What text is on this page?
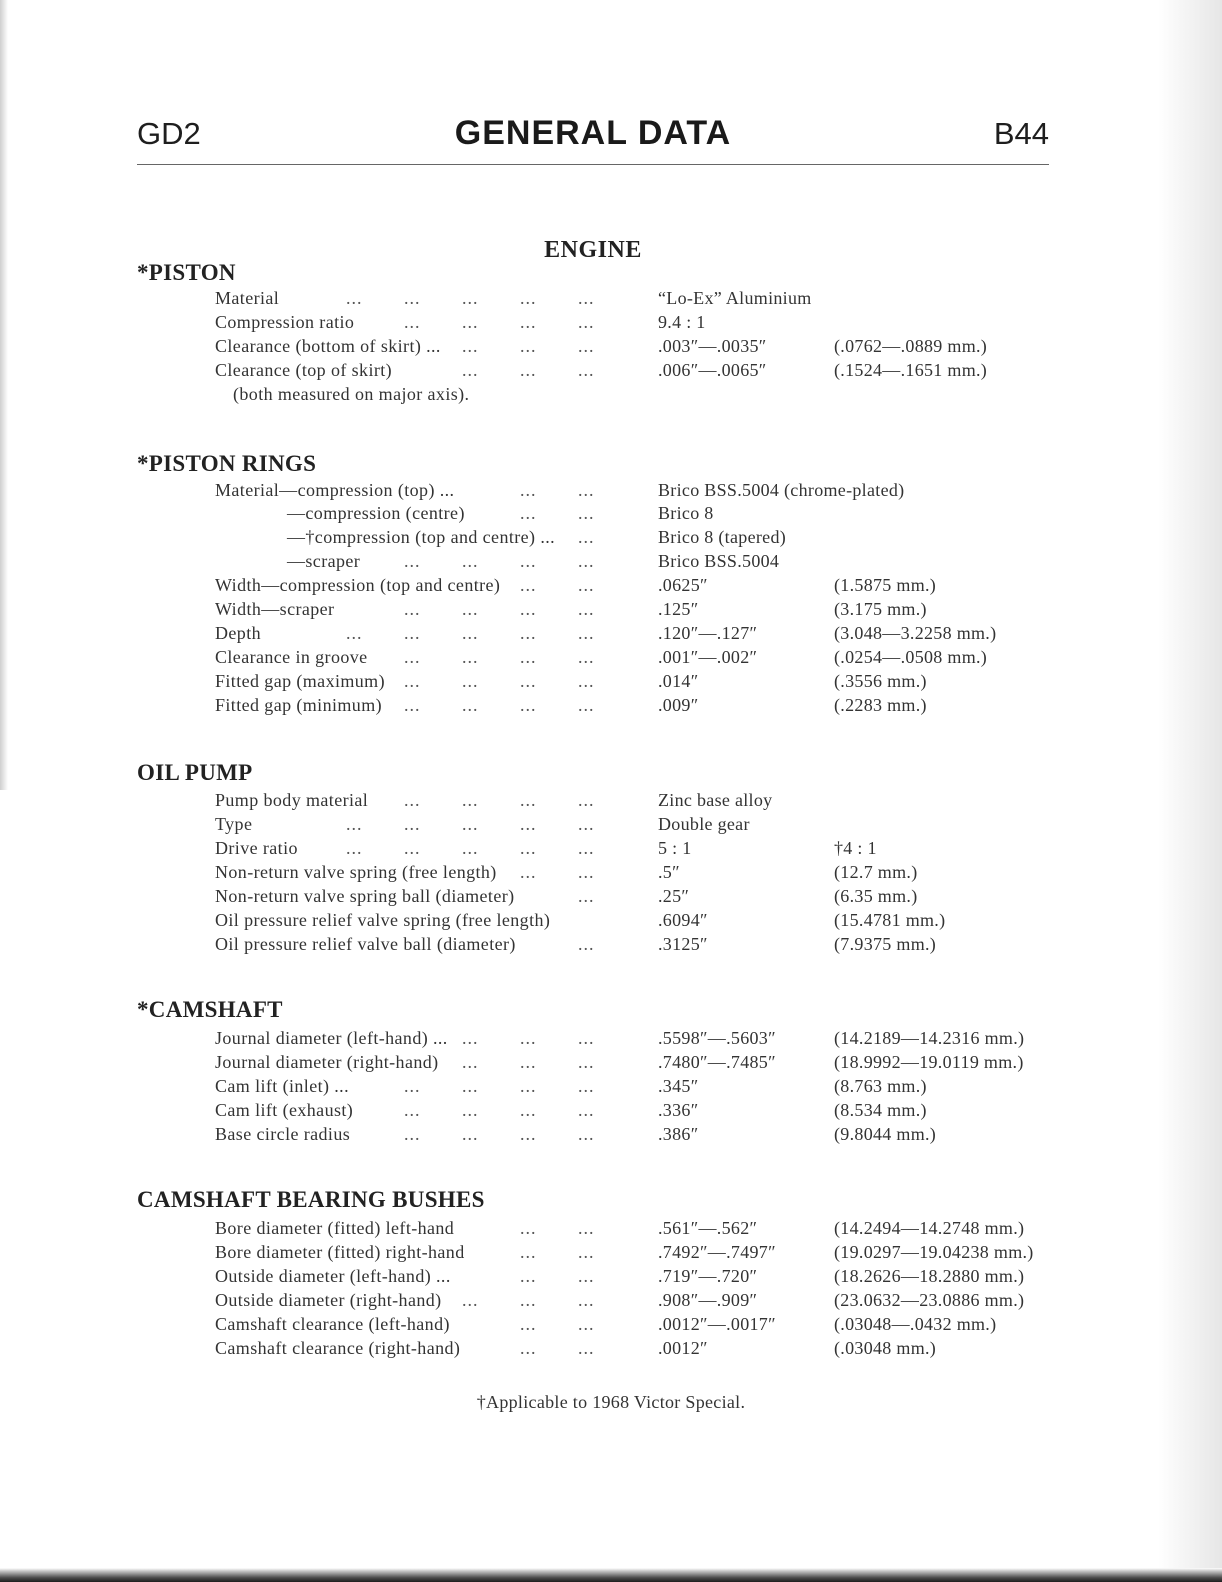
GD2	GENERAL DATA	B44
ENGINE
*PISTON
Material	... ... ... ... ...	“Lo-Ex” Aluminium
Compression ratio	... ... ... ...	9.4 : 1
Clearance (bottom of skirt) ... ... ... ...	.003″—.0035″	(.0762—.0889 mm.)
Clearance (top of skirt)	... ... ...	.006″—.0065″	(.1524—.1651 mm.)
(both measured on major axis).
*PISTON RINGS
Material—compression (top) ...	... ...	Brico BSS.5004 (chrome-plated)
—compression (centre)	... ...	Brico 8
—†compression (top and centre) ... ...	Brico 8 (tapered)
—scraper ... ... ... ...	Brico BSS.5004
Width—compression (top and centre) ... ...	.0625″	(1.5875 mm.)
Width—scraper	... ... ... ...	.125″	(3.175 mm.)
Depth	... ... ... ... ...	.120″—.127″	(3.048—3.2258 mm.)
Clearance in groove ... ... ... ...	.001″—.002″	(.0254—.0508 mm.)
Fitted gap (maximum) ... ... ... ...	.014″	(.3556 mm.)
Fitted gap (minimum) ... ... ... ...	.009″	(.2283 mm.)
OIL PUMP
Pump body material ... ... ... ...	Zinc base alloy
Type	... ... ... ... ...	Double gear
Drive ratio	... ... ... ... ...	5 : 1	†4 : 1
Non-return valve spring (free length) ... ...	.5″	(12.7 mm.)
Non-return valve spring ball (diameter)	...	.25″	(6.35 mm.)
Oil pressure relief valve spring (free length)	.6094″	(15.4781 mm.)
Oil pressure relief valve ball (diameter)	...	.3125″	(7.9375 mm.)
*CAMSHAFT
Journal diameter (left-hand) ... ... ... ...	.5598″—.5603″	(14.2189—14.2316 mm.)
Journal diameter (right-hand) ... ... ...	.7480″—.7485″	(18.9992—19.0119 mm.)
Cam lift (inlet) ...	... ... ... ...	.345″	(8.763 mm.)
Cam lift (exhaust)	... ... ... ...	.336″	(8.534 mm.)
Base circle radius	... ... ... ...	.386″	(9.8044 mm.)
CAMSHAFT BEARING BUSHES
Bore diameter (fitted) left-hand	... ...	.561″—.562″	(14.2494—14.2748 mm.)
Bore diameter (fitted) right-hand	... ...	.7492″—.7497″	(19.0297—19.04238 mm.)
Outside diameter (left-hand) ...	... ...	.719″—.720″	(18.2626—18.2880 mm.)
Outside diameter (right-hand) ... ... ...	.908″—.909″	(23.0632—23.0886 mm.)
Camshaft clearance (left-hand)	... ...	.0012″—.0017″	(.03048—.0432 mm.)
Camshaft clearance (right-hand)	... ...	.0012″	(.03048 mm.)
†Applicable to 1968 Victor Special.
